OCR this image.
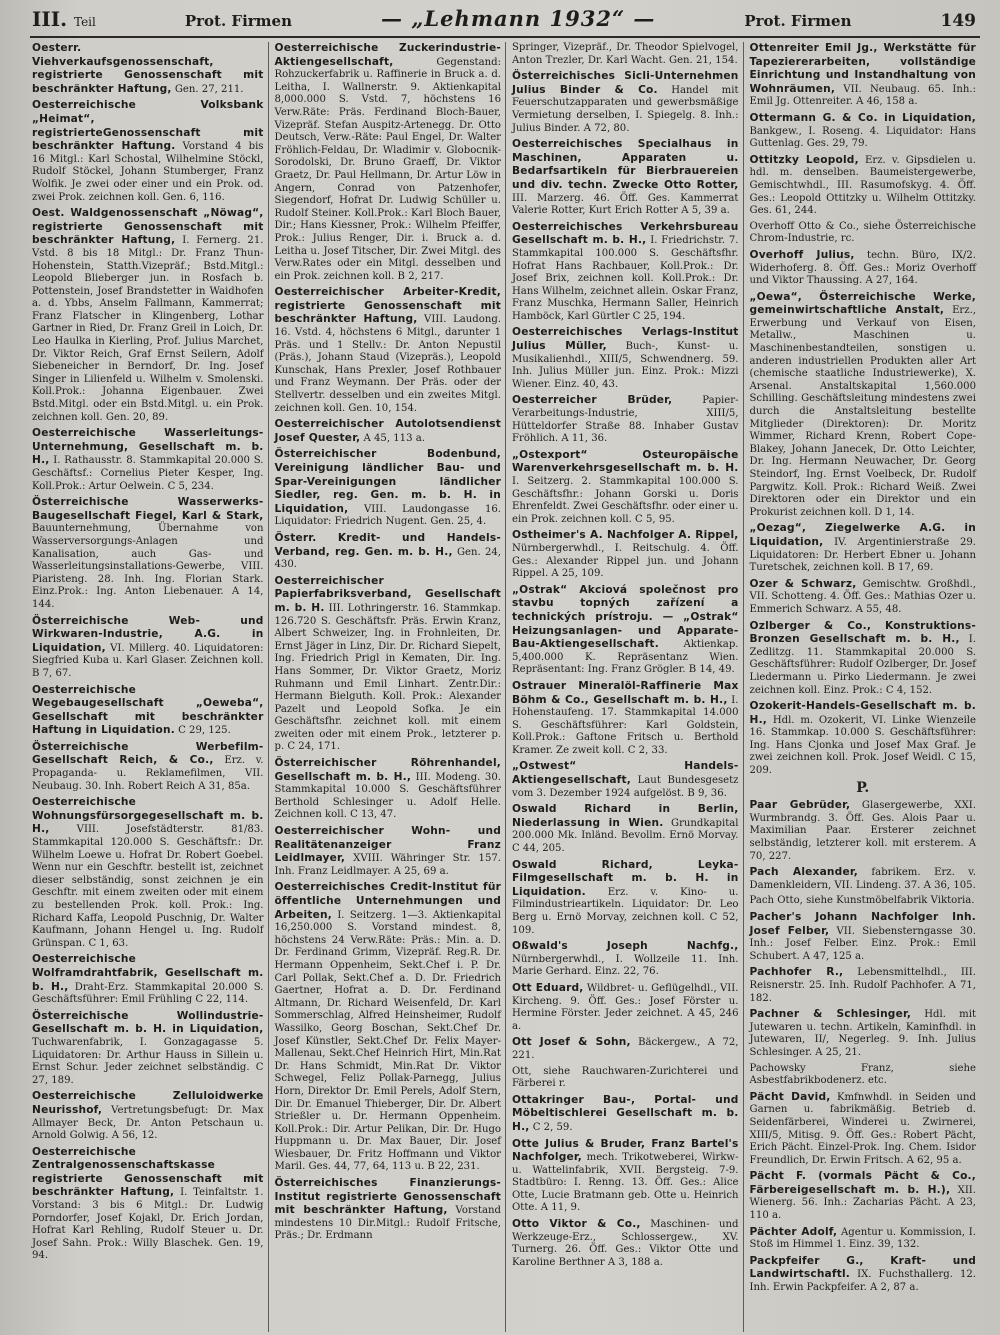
III. Teil	Prot. Firmen	— „Lehmann 1932“ —	Prot. Firmen	149

Oesterr. Viehverkaufsgenossenschaft, registrierte Genossenschaft mit beschränkter Haftung, Gen. 27, 211.

Oesterreichische Volksbank „Heimat“, registrierteGenossenschaft mit beschränkter Haftung. Vorstand 4 bis 16 Mitgl.: Karl Schostal, Wilhelmine Stöckl, Rudolf Stöckel, Johann Stumberger, Franz Wolfik. Je zwei oder einer und ein Prok. od. zwei Prok. zeichnen koll. Gen. 6, 116.

Oest. Waldgenossenschaft „Nöwag“, registrierte Genossenschaft mit beschränkter Haftung, I. Fernerg. 21. Vstd. 8 bis 18 Mitgl.: Dr. Franz Thun-Hohenstein, Statth.Vizepräf.; Bstd.Mitgl.: Leopold Blieberger jun. in Rosfach b. Pottenstein, Josef Brandstetter in Waidhofen a. d. Ybbs, Anselm Fallmann, Kammerrat; Franz Flatscher in Klingenberg, Lothar Gartner in Ried, Dr. Franz Greil in Loich, Dr. Leo Haulka in Kierling, Prof. Julius Marchet, Dr. Viktor Reich, Graf Ernst Seilern, Adolf Siebeneicher in Berndorf, Dr. Ing. Josef Singer in Lilienfeld u. Wilhelm v. Smolenski. Koll.Prok.: Johanna Eigenbauer. Zwei Bstd.Mitgl. oder ein Bstd.Mitgl. u. ein Prok. zeichnen koll. Gen. 20, 89.

Oesterreichische Wasserleitungs-Unternehmung, Gesellschaft m. b. H., I. Rathausstr. 8. Stammkapital 20.000 S. Geschäftsf.: Cornelius Pieter Kesper, Ing. Koll.Prok.: Artur Oelwein. C 5, 234.

Österreichische Wasserwerks-Baugesellschaft Fiegel, Karl & Stark, Bauunternehmung, Übernahme von Wasserversorgungs-Anlagen und Kanalisation, auch Gas- und Wasserleitungsinstallations-Gewerbe, VIII. Piaristeng. 28. Inh. Ing. Florian Stark. Einz.Prok.: Ing. Anton Liebenauer. A 14, 144.

Österreichische Web- und Wirkwaren-Industrie, A.G. in Liquidation, VI. Millerg. 40. Liquidatoren: Siegfried Kuba u. Karl Glaser. Zeichnen koll. B 7, 67.

Oesterreichische Wegebaugesellschaft „Oeweba“, Gesellschaft mit beschränkter Haftung in Liquidation. C 29, 125.

Österreichische Werbefilm-Gesellschaft Reich, & Co., Erz. v. Propaganda- u. Reklamefilmen, VII. Neubaug. 30. Inh. Robert Reich A 31, 85a.

Oesterreichische Wohnungsfürsorgegesellschaft m. b. H., VIII. Josefstädterstr. 81/83. Stammkapital 120.000 S. Geschäftsfr.: Dr. Wilhelm Loewe u. Hofrat Dr. Robert Goebel. Wenn nur ein Geschftr. bestellt ist, zeichnet dieser selbständig, sonst zeichnen je ein Geschftr. mit einem zweiten oder mit einem zu bestellenden Prok. koll. Prok.: Ing. Richard Kaffa, Leopold Puschnig, Dr. Walter Kaufmann, Johann Hengel u. Ing. Rudolf Grünspan. C 1, 63.

Oesterreichische Wolframdrahtfabrik, Gesellschaft m. b. H., Draht-Erz. Stammkapital 20.000 S. Geschäftsführer: Emil Frühling C 22, 114.

Österreichische Wollindustrie-Gesellschaft m. b. H. in Liquidation, Tuchwarenfabrik, I. Gonzagagasse 5. Liquidatoren: Dr. Arthur Hauss in Sillein u. Ernst Schur. Jeder zeichnet selbständig. C 27, 189.

Oesterreichische Zelluloidwerke Neurisshof, Vertretungsbefugt: Dr. Max Allmayer Beck, Dr. Anton Petschaun u. Arnold Golwig. A 56, 12.

Oesterreichische Zentralgenossenschaftskasse registrierte Genossenschaft mit beschränkter Haftung, I. Teinfaltstr. 1. Vorstand: 3 bis 6 Mitgl.: Dr. Ludwig Porndorfer, Josef Kojakl, Dr. Erich Jordan, Hofrat Karl Rehling, Rudolf Steuer u. Dr. Josef Sahn. Prok.: Willy Blaschek. Gen. 19, 94.

Oesterreichische Zuckerindustrie-Aktiengesellschaft, Gegenstand: Rohzuckerfabrik u. Raffinerie in Bruck a. d. Leitha, I. Wallnerstr. 9. Aktienkapital 8,000.000 S. Vstd. 7, höchstens 16 Verw.Räte: Präs. Ferdinand Bloch-Bauer, Vizepräf. Stefan Auspitz-Artenegg. Dr. Otto Deutsch, Verw.-Räte: Paul Engel, Dr. Walter Fröhlich-Feldau, Dr. Wladimir v. Globocnik-Sorodolski, Dr. Bruno Graeff, Dr. Viktor Graetz, Dr. Paul Hellmann, Dr. Artur Löw in Angern, Conrad von Patzenhofer, Siegendorf, Hofrat Dr. Ludwig Schüller u. Rudolf Steiner. Koll.Prok.: Karl Bloch Bauer, Dir.; Hans Kiessner, Prok.: Wilhelm Pfeiffer, Prok.: Julius Renger, Dir. i. Bruck a. d. Leitha u. Josef Titscher, Dir. Zwei Mitgl. des Verw.Rates oder ein Mitgl. desselben und ein Prok. zeichnen koll. B 2, 217.

Oesterreichischer Arbeiter-Kredit, registrierte Genossenschaft mit beschränkter Haftung, VIII. Laudong. 16. Vstd. 4, höchstens 6 Mitgl., darunter 1 Präs. und 1 Stellv.: Dr. Anton Nepustil (Präs.), Johann Staud (Vizepräs.), Leopold Kunschak, Hans Prexler, Josef Rothbauer und Franz Weymann. Der Präs. oder der Stellvertr. desselben und ein zweites Mitgl. zeichnen koll. Gen. 10, 154.

Oesterreichischer Autolotsendienst Josef Quester, A 45, 113 a.

Österreichischer Bodenbund, Vereinigung ländlicher Bau- und Spar-Vereinigungen ländlicher Siedler, reg. Gen. m. b. H. in Liquidation, VIII. Laudongasse 16. Liquidator: Friedrich Nugent. Gen. 25, 4.

Österr. Kredit- und Handels-Verband, reg. Gen. m. b. H., Gen. 24, 430.

Oesterreichischer Papierfabriksverband, Gesellschaft m. b. H. III. Lothringerstr. 16. Stammkap. 126.720 S. Geschäftsfr. Präs. Erwin Kranz, Albert Schweizer, Ing. in Frohnleiten, Dr. Ernst Jäger in Linz, Dir. Dr. Richard Siepelt, Ing. Friedrich Prigl in Kematen, Dir. Ing. Hans Sommer, Dr. Viktor Graetz, Moriz Ruhmann und Emil Linhart. Zentr.Dir.: Hermann Bielguth. Koll. Prok.: Alexander Pazelt und Leopold Sofka. Je ein Geschäftsfhr. zeichnet koll. mit einem zweiten oder mit einem Prok., letzterer p. p. C 24, 171.

Österreichischer Röhrenhandel, Gesellschaft m. b. H., III. Modeng. 30. Stammkapital 10.000 S. Geschäftsführer Berthold Schlesinger u. Adolf Helle. Zeichnen koll. C 13, 47.

Oesterreichischer Wohn- und Realitätenanzeiger Franz Leidlmayer, XVIII. Währinger Str. 157. Inh. Franz Leidlmayer. A 25, 69 a.

Oesterreichisches Credit-Institut für öffentliche Unternehmungen und Arbeiten, I. Seitzerg. 1—3. Aktienkapital 16,250.000 S. Vorstand mindest. 8, höchstens 24 Verw.Räte: Präs.: Min. a. D. Dr. Ferdinand Grimm, Vizepräf. Reg.R. Dr. Hermann Oppenheim, Sekt.Chef i. P. Dr. Carl Pollak, Sekt.Chef a. D. Dr. Friedrich Gaertner, Hofrat a. D. Dr. Ferdinand Altmann, Dr. Richard Weisenfeld, Dr. Karl Sommerschlag, Alfred Heinsheimer, Rudolf Wassilko, Georg Boschan, Sekt.Chef Dr. Josef Künstler, Sekt.Chef Dr. Felix Mayer-Mallenau, Sekt.Chef Heinrich Hirt, Min.Rat Dr. Hans Schmidt, Min.Rat Dr. Viktor Schwegel, Feliz Pollak-Parnegg, Julius Horn, Direktor Dr. Emil Perels, Adolf Stern, Dir. Dr. Emanuel Thieberger, Dir. Dr. Albert Strießler u. Dr. Hermann Oppenheim. Koll.Prok.: Dir. Artur Pelikan, Dir. Dr. Hugo Huppmann u. Dr. Max Bauer, Dir. Josef Wiesbauer, Dr. Fritz Hoffmann und Viktor Maril. Ges. 44, 77, 64, 113 u. B 22, 231.

Österreichisches Finanzierungs-Institut registrierte Genossenschaft mit beschränkter Haftung, Vorstand mindestens 10 Dir.Mitgl.: Rudolf Fritsche, Präs.; Dr. Erdmann

Springer, Vizepräf., Dr. Theodor Spielvogel, Anton Trezler, Dr. Karl Wacht. Gen. 21, 154.

Österreichisches Sicli-Unternehmen Julius Binder & Co. Handel mit Feuerschutzapparaten und gewerbsmäßige Vermietung derselben, I. Spiegelg. 8. Inh.: Julius Binder. A 72, 80.

Oesterreichisches Specialhaus in Maschinen, Apparaten u. Bedarfsartikeln für Bierbrauereien und div. techn. Zwecke Otto Rotter, III. Marzerg. 46. Öff. Ges. Kammerrat Valerie Rotter, Kurt Erich Rotter A 5, 39 a.

Oesterreichisches Verkehrsbureau Gesellschaft m. b. H., I. Friedrichstr. 7. Stammkapital 100.000 S. Geschäftsfhr. Hofrat Hans Rachbauer, Koll.Prok.: Dr. Josef Brix, zeichnen koll. Koll.Prok.: Dr. Hans Wilhelm, zeichnet allein. Oskar Franz, Franz Muschka, Hermann Saller, Heinrich Hamböck, Karl Gürtler C 25, 194.

Oesterreichisches Verlags-Institut Julius Müller, Buch-, Kunst- u. Musikalienhdl., XIII/5, Schwendnerg. 59. Inh. Julius Müller jun. Einz. Prok.: Mizzi Wiener. Einz. 40, 43.

Oesterreicher Brüder, Papier-Verarbeitungs-Industrie, XIII/5, Hütteldorfer Straße 88. Inhaber Gustav Fröhlich. A 11, 36.

„Ostexport“ Osteuropäische Warenverkehrsgesellschaft m. b. H. I. Seitzerg. 2. Stammkapital 100.000 S. Geschäftsfhr.: Johann Gorski u. Doris Ehrenfeldt. Zwei Geschäftsfhr. oder einer u. ein Prok. zeichnen koll. C 5, 95.

Ostheimer's A. Nachfolger A. Rippel, Nürnbergerwhdl., I. Reitschulg. 4. Öff. Ges.: Alexander Rippel jun. und Johann Rippel. A 25, 109.

„Ostrak“ Akciová společnost pro stavbu topných zařízení a technických prístroju. — „Ostrak“ Heizungsanlagen- und Apparate-Bau-Aktiengesellschaft. Aktienkap. 5,400.000 K. Repräsentanz Wien. Repräsentant: Ing. Franz Grögler. B 14, 49.

Ostrauer Mineralöl-Raffinerie Max Böhm & Co., Gesellschaft m. b. H., I. Hohenstaufeng. 17. Stammkapital 14.000 S. Geschäftsführer: Karl Goldstein, Koll.Prok.: Gaftone Fritsch u. Berthold Kramer. Ze zweit koll. C 2, 33.

„Ostwest“ Handels-Aktiengesellschaft, Laut Bundesgesetz vom 3. Dezember 1924 aufgelöst. B 9, 36.

Oswald Richard in Berlin, Niederlassung in Wien. Grundkapital 200.000 Mk. Inländ. Bevollm. Ernö Morvay. C 44, 205.

Oswald Richard, Leyka-Filmgesellschaft m. b. H. in Liquidation. Erz. v. Kino- u. Filmindustrieartikeln. Liquidator: Dr. Leo Berg u. Ernö Morvay, zeichnen koll. C 52, 109.

Oßwald's Joseph Nachfg., Nürnbergerwhdl., I. Wollzeile 11. Inh. Marie Gerhard. Einz. 22, 76.

Ott Eduard, Wildbret- u. Geflügelhdl., VII. Kircheng. 9. Öff. Ges.: Josef Förster u. Hermine Förster. Jeder zeichnet. A 45, 246 a.

Ott Josef & Sohn, Bäckergew., A 72, 221.

Ott, siehe Rauchwaren-Zurichterei und Färberei r.

Ottakringer Bau-, Portal- und Möbeltischlerei Gesellschaft m. b. H., C 2, 59.

Otte Julius & Bruder, Franz Bartel's Nachfolger, mech. Trikotweberei, Wirkw- u. Wattelinfabrik, XVII. Bergsteig. 7-9. Stadtbüro: I. Renng. 13. Öff. Ges.: Alice Otte, Lucie Bratmann geb. Otte u. Heinrich Otte. A 11, 9.

Otto Viktor & Co., Maschinen- und Werkzeuge-Erz., Schlossergew., XV. Turnerg. 26. Öff. Ges.: Viktor Otte und Karoline Berthner A 3, 188 a.

Ottenreiter Emil Jg., Werkstätte für Tapeziererarbeiten, vollständige Einrichtung und Instandhaltung von Wohnräumen, VII. Neubaug. 65. Inh.: Emil Jg. Ottenreiter. A 46, 158 a.

Ottermann G. & Co. in Liquidation, Bankgew., I. Roseng. 4. Liquidator: Hans Guttenlag. Ges. 29, 79.

Ottitzky Leopold, Erz. v. Gipsdielen u. hdl. m. denselben. Baumeistergewerbe, Gemischtwhdl., III. Rasumofskyg. 4. Öff. Ges.: Leopold Ottitzky u. Wilhelm Ottitzky. Ges. 61, 244.

Overhoff Otto & Co., siehe Österreichische Chrom-Industrie, rc.

Overhoff Julius, techn. Büro, IX/2. Widerhoferg. 8. Öff. Ges.: Moriz Overhoff und Viktor Thaussing. A 27, 164.

„Oewa“, Österreichische Werke, gemeinwirtschaftliche Anstalt, Erz., Erwerbung und Verkauf von Eisen, Metallw., Maschinen u. Maschinenbestandteilen, sonstigen u. anderen industriellen Produkten aller Art (chemische staatliche Industriewerke), X. Arsenal. Anstaltskapital 1,560.000 Schilling. Geschäftsleitung mindestens zwei durch die Anstaltsleitung bestellte Mitglieder (Direktoren): Dr. Moritz Wimmer, Richard Krenn, Robert Cope-Blakey, Johann Janecek, Dr. Otto Leichter, Dr. Ing. Hermann Neuwacher, Dr. Georg Steindorf, Ing. Ernst Voelbeck, Dr. Rudolf Pargwitz. Koll. Prok.: Richard Weiß. Zwei Direktoren oder ein Direktor und ein Prokurist zeichnen koll. D 1, 14.

„Oezag“, Ziegelwerke A.G. in Liquidation, IV. Argentinierstraße 29. Liquidatoren: Dr. Herbert Ebner u. Johann Turetschek, zeichnen koll. B 17, 69.

Ozer & Schwarz, Gemischtw. Großhdl., VII. Schotteng. 4. Öff. Ges.: Mathias Ozer u. Emmerich Schwarz. A 55, 48.

Ozlberger & Co., Konstruktions-Bronzen Gesellschaft m. b. H., I. Zedlitzg. 11. Stammkapital 20.000 S. Geschäftsführer: Rudolf Ozlberger, Dr. Josef Liedermann u. Pirko Liedermann. Je zwei zeichnen koll. Einz. Prok.: C 4, 152.

Ozokerit-Handels-Gesellschaft m. b. H., Hdl. m. Ozokerit, VI. Linke Wienzeile 16. Stammkap. 10.000 S. Geschäftsführer: Ing. Hans Cjonka und Josef Max Graf. Je zwei zeichnen koll. Prok. Josef Weidl. C 15, 209.

P.

Paar Gebrüder, Glasergewerbe, XXI. Wurmbrandg. 3. Öff. Ges. Alois Paar u. Maximilian Paar. Ersterer zeichnet selbständig, letzterer koll. mit ersterem. A 70, 227.

Pach Alexander, fabrikem. Erz. v. Damenkleidern, VII. Lindeng. 37. A 36, 105.

Pach Otto, siehe Kunstmöbelfabrik Viktoria.

Pacher's Johann Nachfolger Inh. Josef Felber, VII. Siebensterngasse 30. Inh.: Josef Felber. Einz. Prok.: Emil Schubert. A 47, 125 a.

Pachhofer R., Lebensmittelhdl., III. Reisnerstr. 25. Inh. Rudolf Pachhofer. A 71, 182.

Pachner & Schlesinger, Hdl. mit Jutewaren u. techn. Artikeln, Kaminfhdl. in Jutewaren, II/, Negerleg. 9. Inh. Julius Schlesinger. A 25, 21.

Pachowsky Franz, siehe Asbestfabrikbodenerz. etc.

Pächt David, Kmfnwhdl. in Seiden und Garnen u. fabrikmäßig. Betrieb d. Seidenfärberei, Winderei u. Zwirnerei, XIII/5, Mitisg. 9. Öff. Ges.: Robert Pächt, Erich Pächt. Einzel-Prok. Ing. Chem. Isidor Freundlich, Dr. Erwin Fritsch. A 62, 95 a.

Pächt F. (vormals Pächt & Co., Färbereigesellschaft m. b. H.), XII. Wienerg. 56. Inh.: Zacharias Pächt. A 23, 110 a.

Pächter Adolf, Agentur u. Kommission, I. Stoß im Himmel 1. Einz. 39, 132.

Packpfeifer G., Kraft- und Landwirtschaftl. IX. Fuchsthallerg. 12. Inh. Erwin Packpfeifer. A 2, 87 a.
